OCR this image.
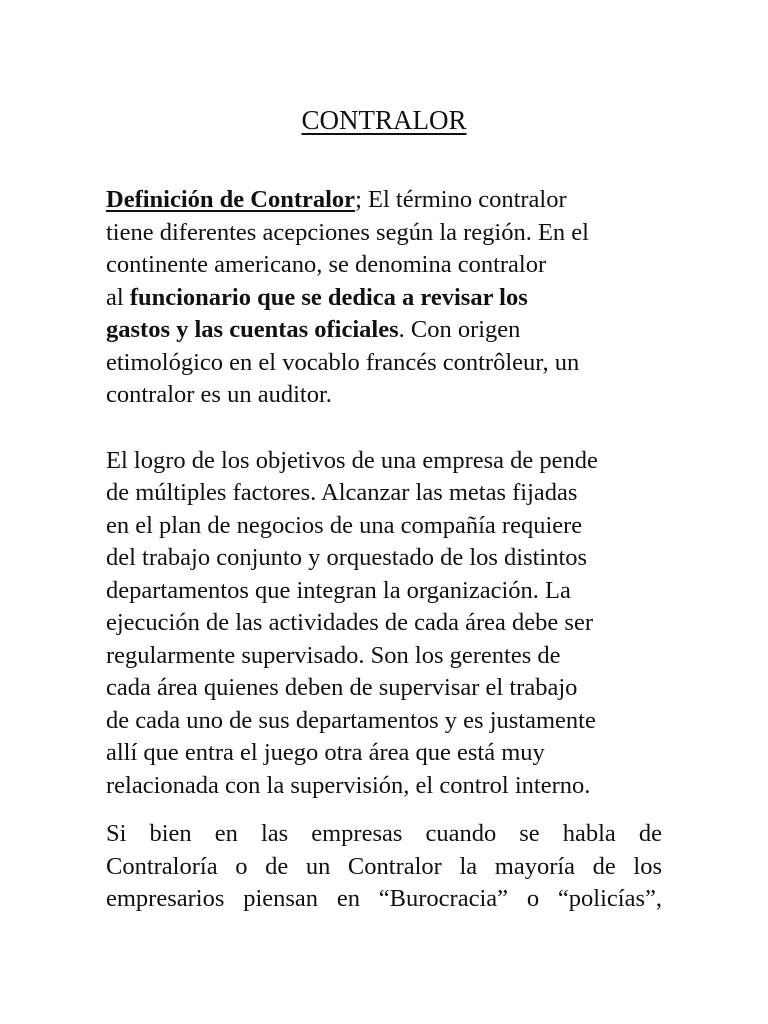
CONTRALOR

Definición de Contralor; El término contralor
tiene diferentes acepciones según la región. En el
continente americano, se denomina contralor
al funcionario que se dedica a revisar los
gastos y las cuentas oficiales. Con origen
etimológico en el vocablo francés contrôleur, un
contralor es un auditor.

El logro de los objetivos de una empresa de pende
de múltiples factores. Alcanzar las metas fijadas
en el plan de negocios de una compañía requiere
del trabajo conjunto y orquestado de los distintos
departamentos que integran la organización. La
ejecución de las actividades de cada área debe ser
regularmente supervisado. Son los gerentes de
cada área quienes deben de supervisar el trabajo
de cada uno de sus departamentos y es justamente
allí que entra el juego otra área que está muy
relacionada con la supervisión, el control interno.

Si bien en las empresas cuando se habla de
Contraloría o de un Contralor la mayoría de los
empresarios piensan en “Burocracia” o “policías”,
